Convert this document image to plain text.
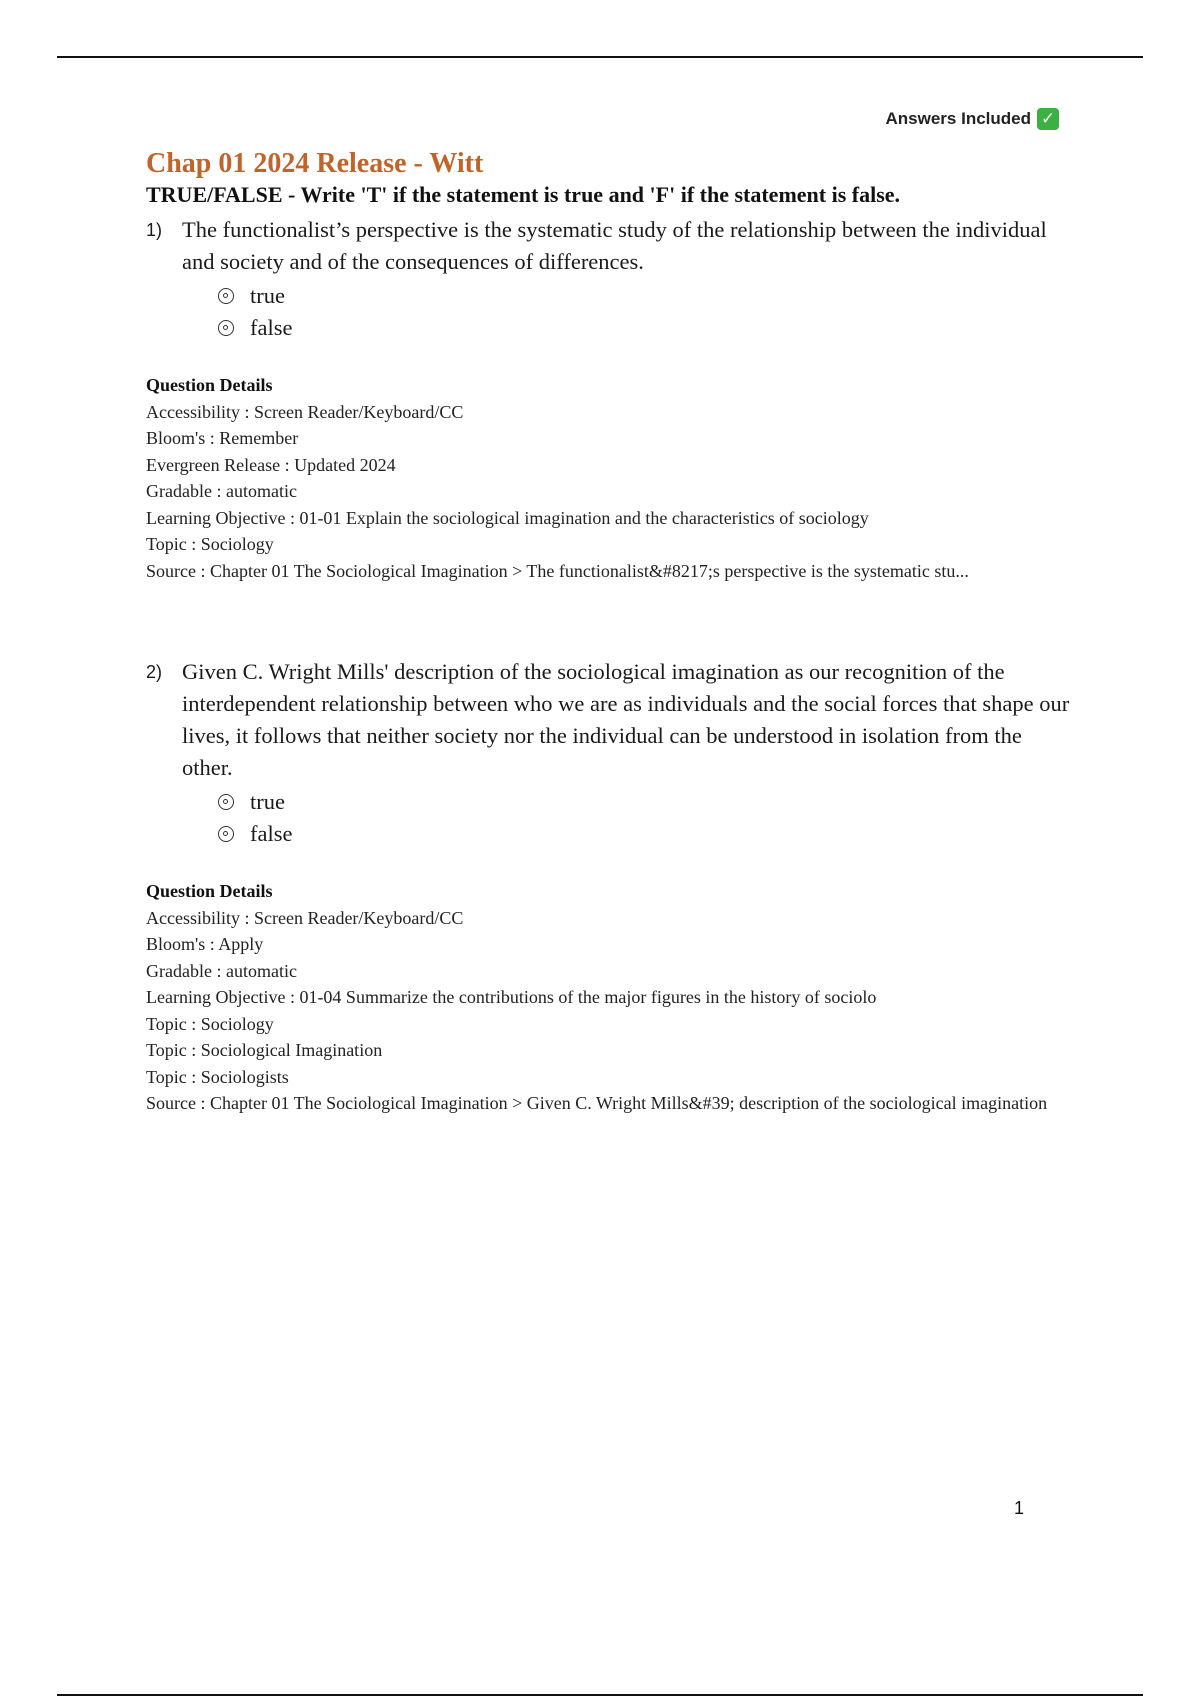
Answers Included ✓
Chap 01 2024 Release - Witt
TRUE/FALSE - Write 'T' if the statement is true and 'F' if the statement is false.
1) The functionalist’s perspective is the systematic study of the relationship between the individual and society and of the consequences of differences.
true
false
Question Details
Accessibility : Screen Reader/Keyboard/CC
Bloom's : Remember
Evergreen Release : Updated 2024
Gradable : automatic
Learning Objective : 01-01 Explain the sociological imagination and the characteristics of sociology
Topic : Sociology
Source : Chapter 01 The Sociological Imagination > The functionalist&#8217;s perspective is the systematic stu...
2) Given C. Wright Mills' description of the sociological imagination as our recognition of the interdependent relationship between who we are as individuals and the social forces that shape our lives, it follows that neither society nor the individual can be understood in isolation from the other.
true
false
Question Details
Accessibility : Screen Reader/Keyboard/CC
Bloom's : Apply
Gradable : automatic
Learning Objective : 01-04 Summarize the contributions of the major figures in the history of sociolo
Topic : Sociology
Topic : Sociological Imagination
Topic : Sociologists
Source : Chapter 01 The Sociological Imagination > Given C. Wright Mills&#39; description of the sociological imagination
1
